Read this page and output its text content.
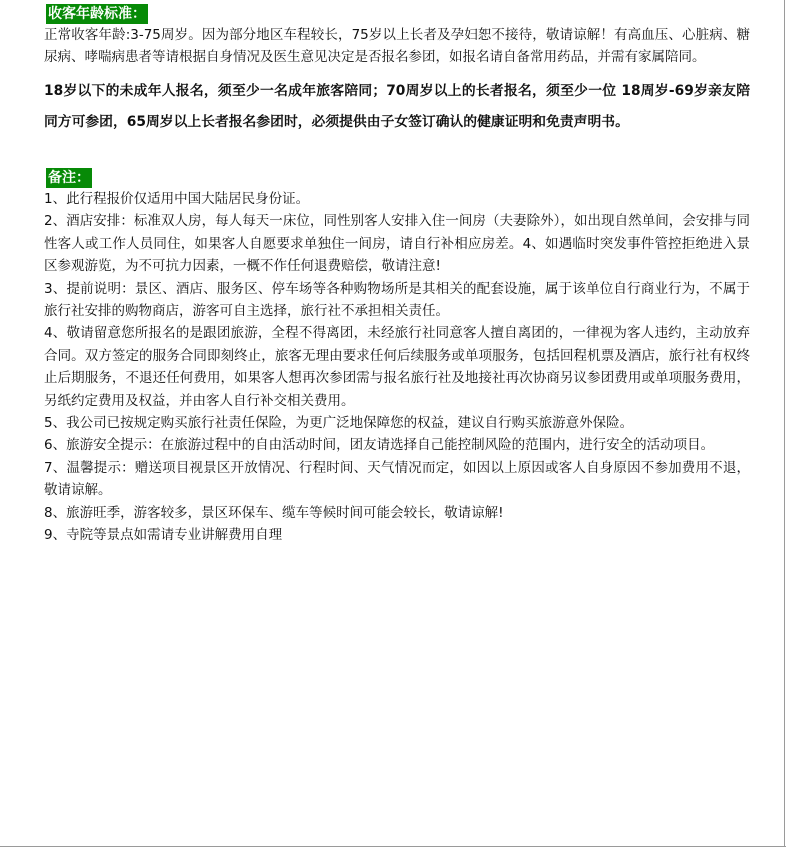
收客年龄标准：

正常收客年龄:3-75周岁。因为部分地区车程较长，75岁以上长者及孕妇恕不接待，敬请谅解！有高血压、心脏病、糖尿病、哮喘病患者等请根据自身情况及医生意见决定是否报名参团，如报名请自备常用药品，并需有家属陪同。

18岁以下的未成年人报名，须至少一名成年旅客陪同；70周岁以上的长者报名，须至少一位 18周岁-69岁亲友陪同方可参团，65周岁以上长者报名参团时，必须提供由子女签订确认的健康证明和免责声明书。

备注：

1、此行程报价仅适用中国大陆居民身份证。

2、酒店安排：标准双人房，每人每天一床位，同性别客人安排入住一间房（夫妻除外），如出现自然单间，会安排与同性客人或工作人员同住，如果客人自愿要求单独住一间房，请自行补相应房差。4、如遇临时突发事件管控拒绝进入景区参观游览，为不可抗力因素，一概不作任何退费赔偿，敬请注意!

3、提前说明：景区、酒店、服务区、停车场等各种购物场所是其相关的配套设施，属于该单位自行商业行为，不属于旅行社安排的购物商店，游客可自主选择，旅行社不承担相关责任。

4、敬请留意您所报名的是跟团旅游，全程不得离团，未经旅行社同意客人擅自离团的，一律视为客人违约，主动放弃合同。双方签定的服务合同即刻终止，旅客无理由要求任何后续服务或单项服务，包括回程机票及酒店，旅行社有权终止后期服务，不退还任何费用，如果客人想再次参团需与报名旅行社及地接社再次协商另议参团费用或单项服务费用，另纸约定费用及权益，并由客人自行补交相关费用。

5、我公司已按规定购买旅行社责任保险，为更广泛地保障您的权益，建议自行购买旅游意外保险。

6、旅游安全提示：在旅游过程中的自由活动时间，团友请选择自己能控制风险的范围内，进行安全的活动项目。

7、温馨提示：赠送项目视景区开放情况、行程时间、天气情况而定，如因以上原因或客人自身原因不参加费用不退，敬请谅解。

8、旅游旺季，游客较多，景区环保车、缆车等候时间可能会较长，敬请谅解!

9、寺院等景点如需请专业讲解费用自理
